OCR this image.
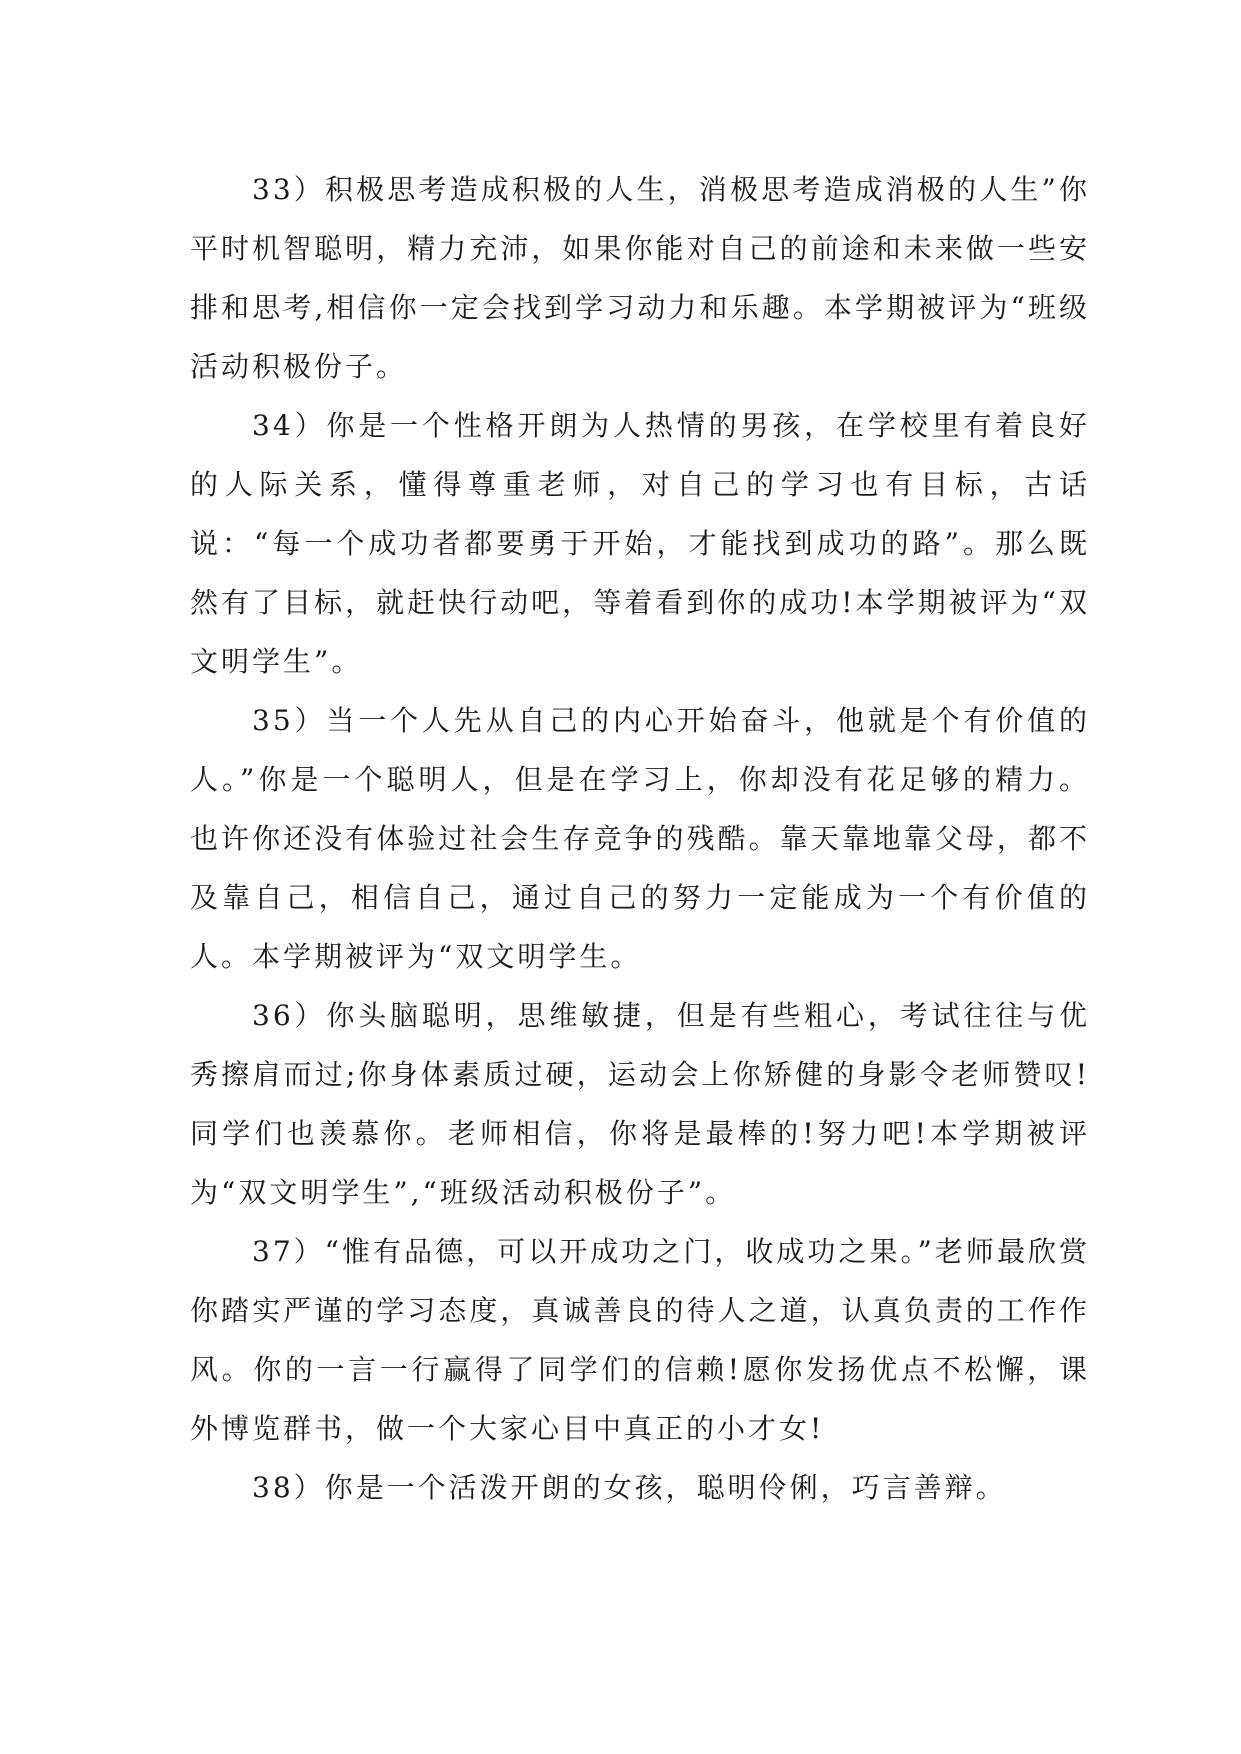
33）积极思考造成积极的人生，消极思考造成消极的人生”你平时机智聪明，精力充沛，如果你能对自己的前途和未来做一些安排和思考,相信你一定会找到学习动力和乐趣。本学期被评为“班级活动积极份子。

34）你是一个性格开朗为人热情的男孩，在学校里有着良好的人际关系，懂得尊重老师，对自己的学习也有目标，古话说：“每一个成功者都要勇于开始，才能找到成功的路”。那么既然有了目标，就赶快行动吧，等着看到你的成功!本学期被评为“双文明学生”。

35）当一个人先从自己的内心开始奋斗，他就是个有价值的人。”你是一个聪明人，但是在学习上，你却没有花足够的精力。也许你还没有体验过社会生存竞争的残酷。靠天靠地靠父母，都不及靠自己，相信自己，通过自己的努力一定能成为一个有价值的人。本学期被评为“双文明学生。

36）你头脑聪明，思维敏捷，但是有些粗心，考试往往与优秀擦肩而过;你身体素质过硬，运动会上你矫健的身影令老师赞叹!同学们也羡慕你。老师相信，你将是最棒的!努力吧!本学期被评为“双文明学生”,“班级活动积极份子”。

37）“惟有品德，可以开成功之门，收成功之果。”老师最欣赏你踏实严谨的学习态度，真诚善良的待人之道，认真负责的工作作风。你的一言一行赢得了同学们的信赖!愿你发扬优点不松懈，课外博览群书，做一个大家心目中真正的小才女!

38）你是一个活泼开朗的女孩，聪明伶俐，巧言善辩。
